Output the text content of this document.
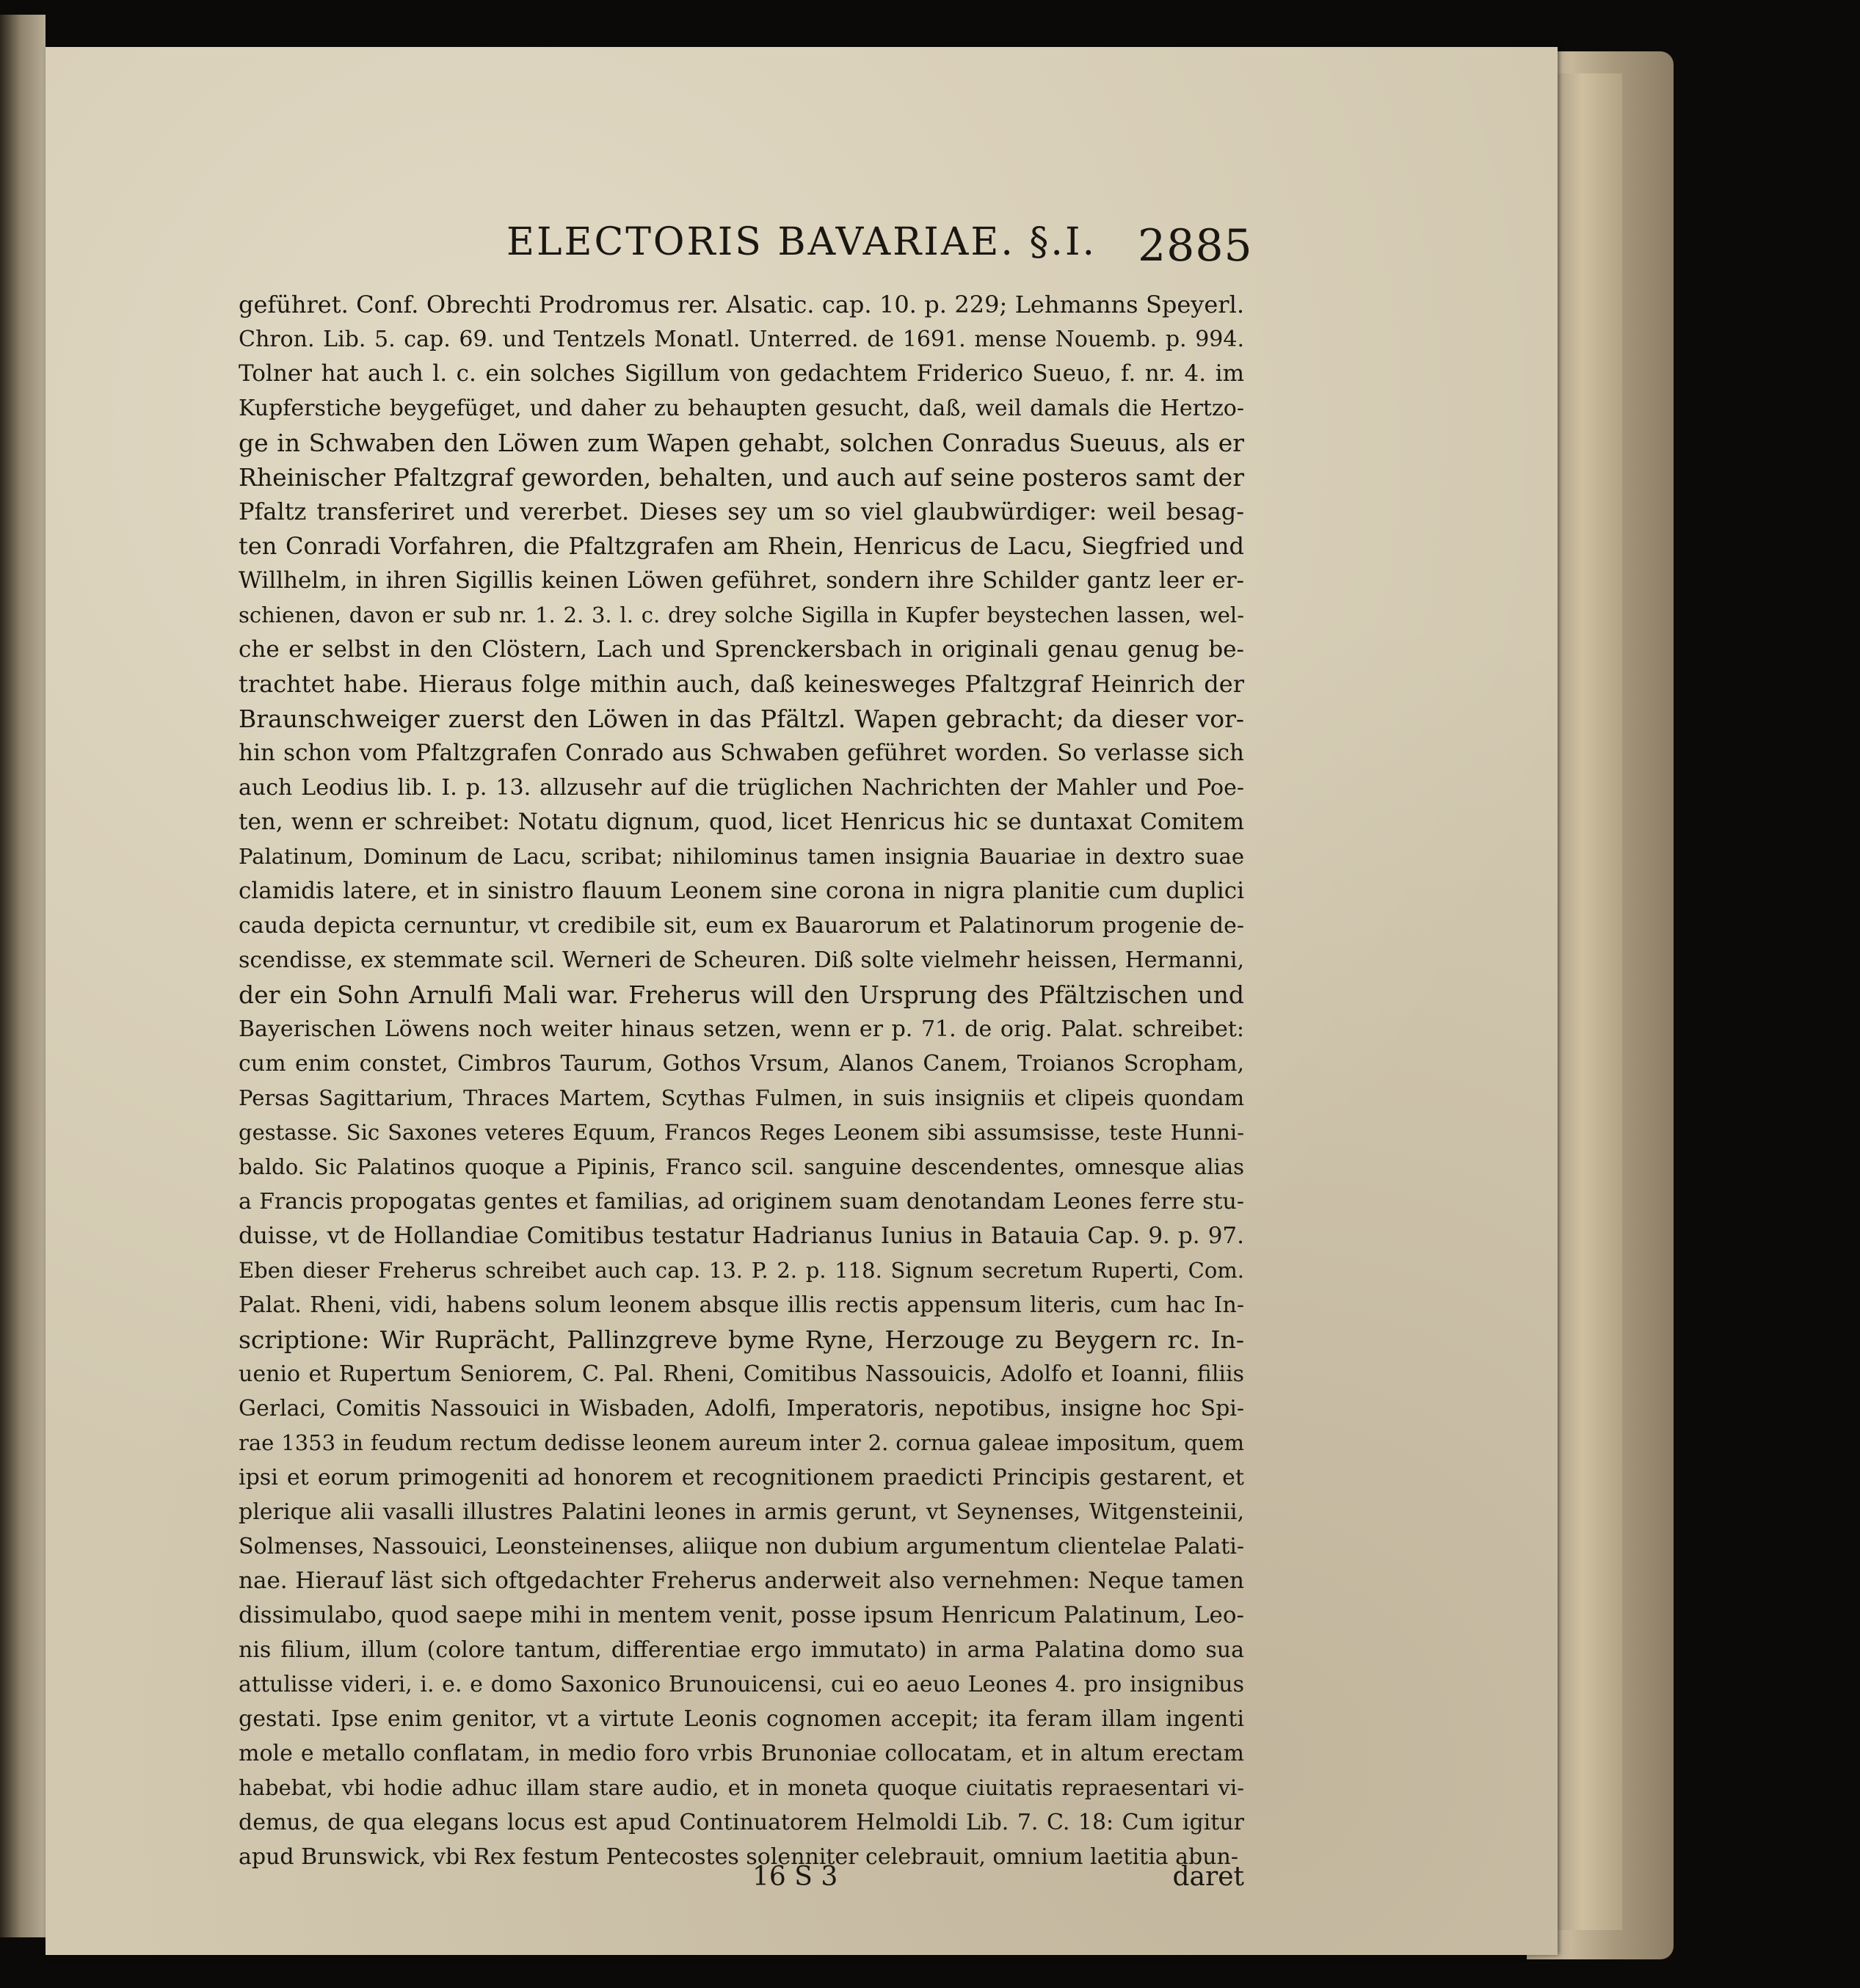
ELECTORIS BAVARIAE. §.I. 2885
geführet. Conf. Obrechti Prodromus rer. Alsatic. cap. 10. p. 229; Lehmanns Speyerl.
Chron. Lib. 5. cap. 69. und Tentzels Monatl. Unterred. de 1691. mense Nouemb. p. 994.
Tolner hat auch l. c. ein solches Sigillum von gedachtem Friderico Sueuo, f. nr. 4. im
Kupferstiche beygefüget, und daher zu behaupten gesucht, daß, weil damals die Hertzo-
ge in Schwaben den Löwen zum Wapen gehabt, solchen Conradus Sueuus, als er
Rheinischer Pfaltzgraf geworden, behalten, und auch auf seine posteros samt der
Pfaltz transferiret und vererbet. Dieses sey um so viel glaubwürdiger: weil besag-
ten Conradi Vorfahren, die Pfaltzgrafen am Rhein, Henricus de Lacu, Siegfried und
Willhelm, in ihren Sigillis keinen Löwen geführet, sondern ihre Schilder gantz leer er-
schienen, davon er sub nr. 1. 2. 3. l. c. drey solche Sigilla in Kupfer beystechen lassen, wel-
che er selbst in den Clöstern, Lach und Sprenckersbach in originali genau genug be-
trachtet habe. Hieraus folge mithin auch, daß keinesweges Pfaltzgraf Heinrich der
Braunschweiger zuerst den Löwen in das Pfältzl. Wapen gebracht; da dieser vor-
hin schon vom Pfaltzgrafen Conrado aus Schwaben geführet worden. So verlasse sich
auch Leodius lib. I. p. 13. allzusehr auf die trüglichen Nachrichten der Mahler und Poe-
ten, wenn er schreibet: Notatu dignum, quod, licet Henricus hic se duntaxat Comitem
Palatinum, Dominum de Lacu, scribat; nihilominus tamen insignia Bauariae in dextro suae
clamidis latere, et in sinistro flauum Leonem sine corona in nigra planitie cum duplici
cauda depicta cernuntur, vt credibile sit, eum ex Bauarorum et Palatinorum progenie de-
scendisse, ex stemmate scil. Werneri de Scheuren. Diß solte vielmehr heissen, Hermanni,
der ein Sohn Arnulfi Mali war. Freherus will den Ursprung des Pfältzischen und
Bayerischen Löwens noch weiter hinaus setzen, wenn er p. 71. de orig. Palat. schreibet:
cum enim constet, Cimbros Taurum, Gothos Vrsum, Alanos Canem, Troianos Scropham,
Persas Sagittarium, Thraces Martem, Scythas Fulmen, in suis insigniis et clipeis quondam
gestasse. Sic Saxones veteres Equum, Francos Reges Leonem sibi assumsisse, teste Hunni-
baldo. Sic Palatinos quoque a Pipinis, Franco scil. sanguine descendentes, omnesque alias
a Francis propogatas gentes et familias, ad originem suam denotandam Leones ferre stu-
duisse, vt de Hollandiae Comitibus testatur Hadrianus Iunius in Batauia Cap. 9. p. 97.
Eben dieser Freherus schreibet auch cap. 13. P. 2. p. 118. Signum secretum Ruperti, Com.
Palat. Rheni, vidi, habens solum leonem absque illis rectis appensum literis, cum hac In-
scriptione: Wir Ruprächt, Pallinzgreve byme Ryne, Herzouge zu Beygern rc. In-
uenio et Rupertum Seniorem, C. Pal. Rheni, Comitibus Nassouicis, Adolfo et Ioanni, filiis
Gerlaci, Comitis Nassouici in Wisbaden, Adolfi, Imperatoris, nepotibus, insigne hoc Spi-
rae 1353 in feudum rectum dedisse leonem aureum inter 2. cornua galeae impositum, quem
ipsi et eorum primogeniti ad honorem et recognitionem praedicti Principis gestarent, et
plerique alii vasalli illustres Palatini leones in armis gerunt, vt Seynenses, Witgensteinii,
Solmenses, Nassouici, Leonsteinenses, aliique non dubium argumentum clientelae Palati-
nae. Hierauf läst sich oftgedachter Freherus anderweit also vernehmen: Neque tamen
dissimulabo, quod saepe mihi in mentem venit, posse ipsum Henricum Palatinum, Leo-
nis filium, illum (colore tantum, differentiae ergo immutato) in arma Palatina domo sua
attulisse videri, i. e. e domo Saxonico Brunouicensi, cui eo aeuo Leones 4. pro insignibus
gestati. Ipse enim genitor, vt a virtute Leonis cognomen accepit; ita feram illam ingenti
mole e metallo conflatam, in medio foro vrbis Brunoniae collocatam, et in altum erectam
habebat, vbi hodie adhuc illam stare audio, et in moneta quoque ciuitatis repraesentari vi-
demus, de qua elegans locus est apud Continuatorem Helmoldi Lib. 7. C. 18: Cum igitur
apud Brunswick, vbi Rex festum Pentecostes solenniter celebrauit, omnium laetitia abun-
16 S 3	daret
